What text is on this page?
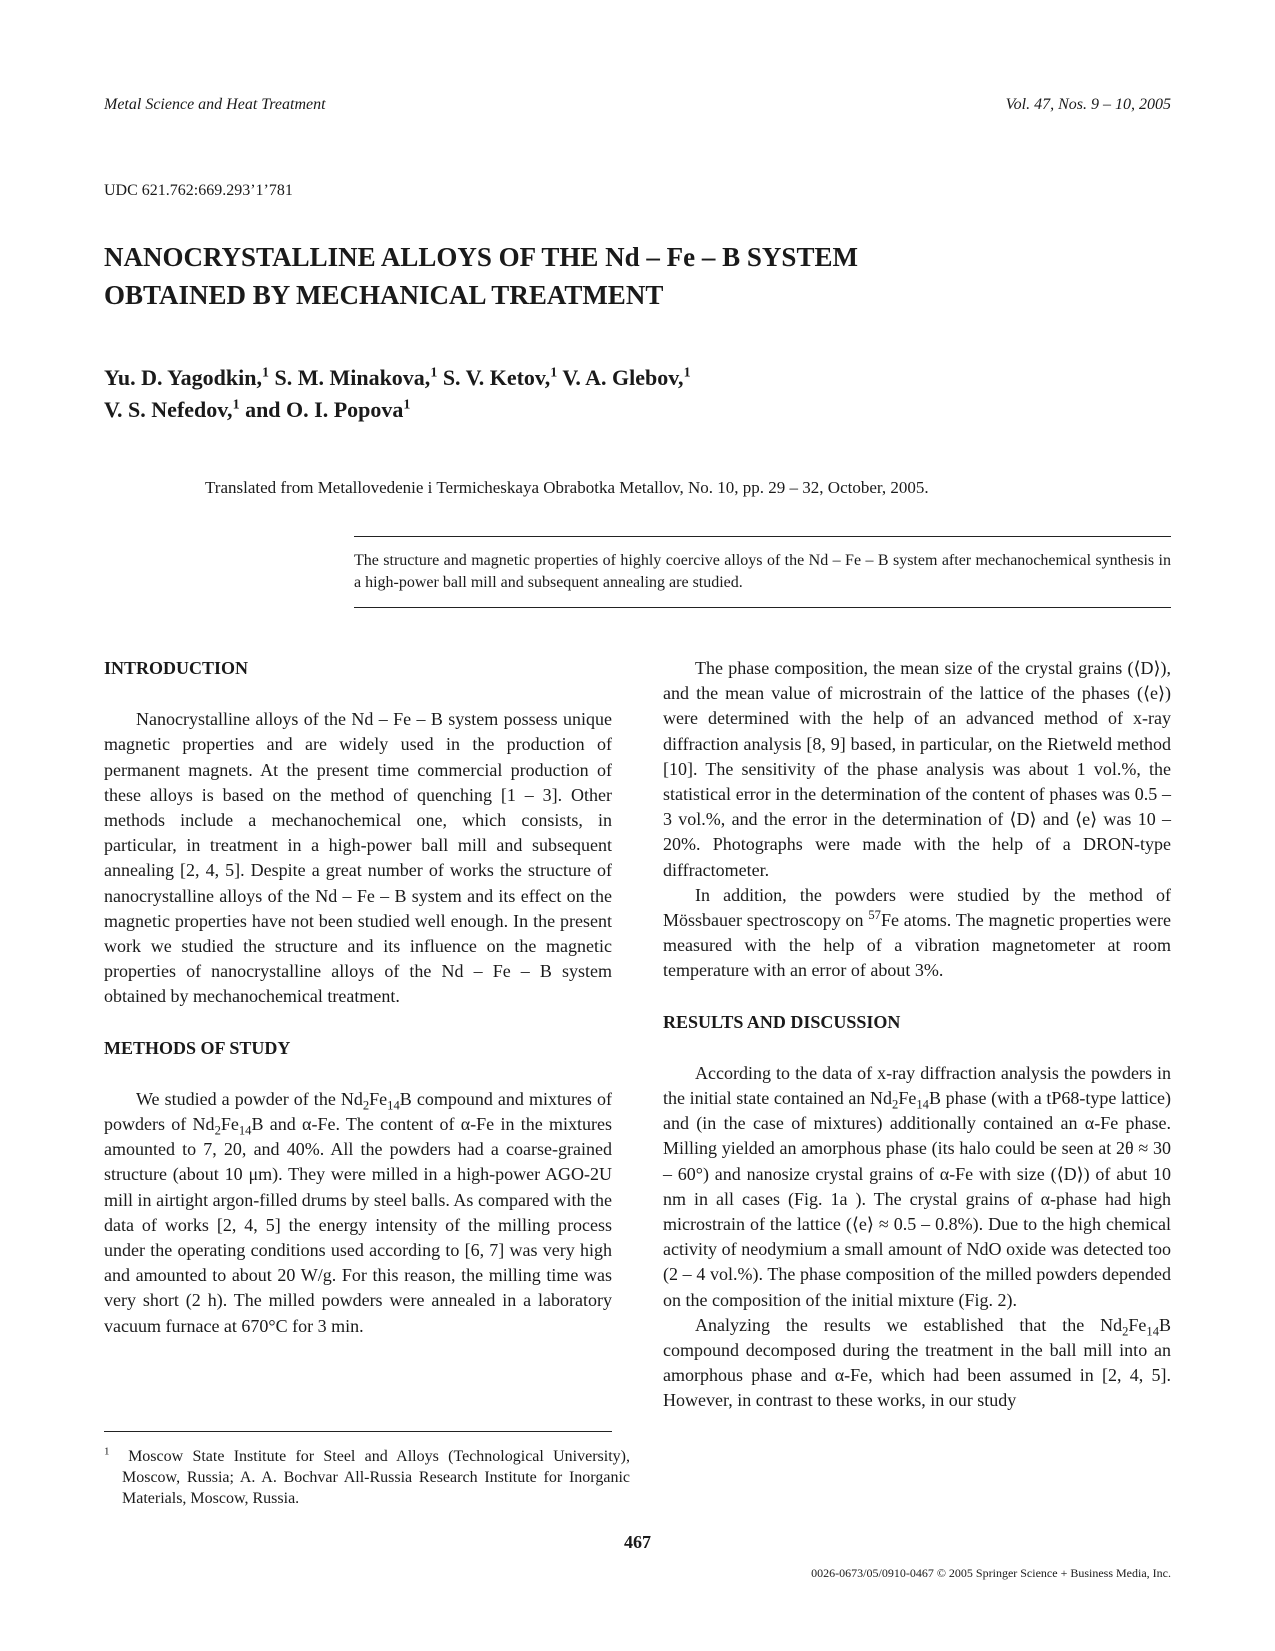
Metal Science and Heat Treatment	Vol. 47, Nos. 9 – 10, 2005
UDC 621.762:669.293’1’781
NANOCRYSTALLINE ALLOYS OF THE Nd – Fe – B SYSTEM
OBTAINED BY MECHANICAL TREATMENT
Yu. D. Yagodkin,$^1$ S. M. Minakova,$^1$ S. V. Ketov,$^1$ V. A. Glebov,$^1$
V. S. Nefedov,$^1$ and O. I. Popova$^1$
Translated from Metallovedenie i Termicheskaya Obrabotka Metallov, No. 10, pp. 29 – 32, October, 2005.

The structure and magnetic properties of highly coercive alloys of the Nd – Fe – B system after mechanochemical synthesis in a high-power ball mill and subsequent annealing are studied.

INTRODUCTION

Nanocrystalline alloys of the Nd – Fe – B system possess unique magnetic properties and are widely used in the production of permanent magnets. At the present time commercial production of these alloys is based on the method of quenching [1 – 3]. Other methods include a mechanochemical one, which consists, in particular, in treatment in a high-power ball mill and subsequent annealing [2, 4, 5]. Despite a great number of works the structure of nanocrystalline alloys of the Nd – Fe – B system and its effect on the magnetic properties have not been studied well enough. In the present work we studied the structure and its influence on the magnetic properties of nanocrystalline alloys of the Nd – Fe – B system obtained by mechanochemical treatment.

METHODS OF STUDY

We studied a powder of the $Nd_2Fe_{14}B$ compound and mixtures of powders of $Nd_2Fe_{14}B$ and α-Fe. The content of α-Fe in the mixtures amounted to 7, 20, and 40%. All the powders had a coarse-grained structure (about 10 μm). They were milled in a high-power AGO-2U mill in airtight argon-filled drums by steel balls. As compared with the data of works [2, 4, 5] the energy intensity of the milling process under the operating conditions used according to [6, 7] was very high and amounted to about 20 W/g. For this reason, the milling time was very short (2 h). The milled powders were annealed in a laboratory vacuum furnace at 670°C for 3 min.

The phase composition, the mean size of the crystal grains (⟨D⟩), and the mean value of microstrain of the lattice of the phases (⟨e⟩) were determined with the help of an advanced method of x-ray diffraction analysis [8, 9] based, in particular, on the Rietweld method [10]. The sensitivity of the phase analysis was about 1 vol.%, the statistical error in the determination of the content of phases was 0.5 – 3 vol.%, and the error in the determination of ⟨D⟩ and ⟨e⟩ was 10 – 20%. Photographs were made with the help of a DRON-type diffractometer.

In addition, the powders were studied by the method of Mössbauer spectroscopy on $^{57}$Fe atoms. The magnetic properties were measured with the help of a vibration magnetometer at room temperature with an error of about 3%.

RESULTS AND DISCUSSION

According to the data of x-ray diffraction analysis the powders in the initial state contained an $Nd_2Fe_{14}B$ phase (with a tP68-type lattice) and (in the case of mixtures) additionally contained an α-Fe phase. Milling yielded an amorphous phase (its halo could be seen at 2θ ≈ 30 – 60°) and nanosize crystal grains of α-Fe with size (⟨D⟩) of abut 10 nm in all cases (Fig. 1a ). The crystal grains of α-phase had high microstrain of the lattice (⟨e⟩ ≈ 0.5 – 0.8%). Due to the high chemical activity of neodymium a small amount of NdO oxide was detected too (2 – 4 vol.%). The phase composition of the milled powders depended on the composition of the initial mixture (Fig. 2).

Analyzing the results we established that the $Nd_2Fe_{14}B$ compound decomposed during the treatment in the ball mill into an amorphous phase and α-Fe, which had been assumed in [2, 4, 5]. However, in contrast to these works, in our study

$^1$ Moscow State Institute for Steel and Alloys (Technological University), Moscow, Russia; A. A. Bochvar All-Russia Research Institute for Inorganic Materials, Moscow, Russia.

467
0026-0673/05/0910-0467 © 2005 Springer Science + Business Media, Inc.
